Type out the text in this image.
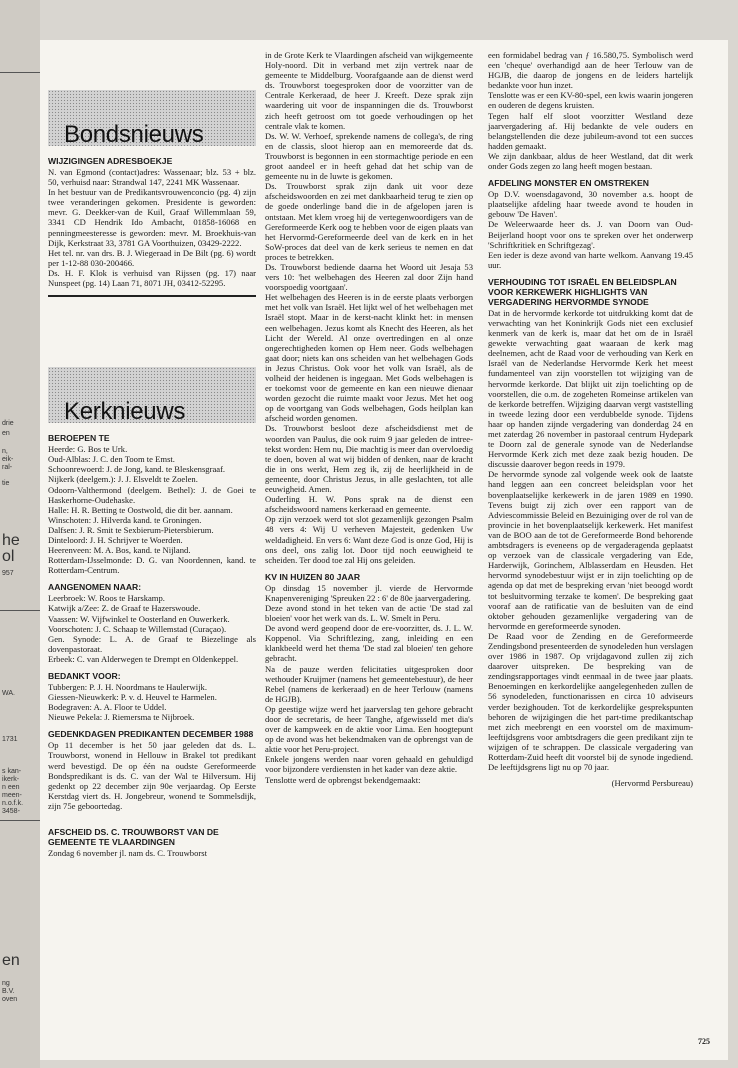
drie
en
n,
eik-
ral-
tie
he
ol
957
WA.
1731
s kan-
ikerk-
n een
meen-
n.o.f.k.
3458-
en
ng
B.V.
oven
Bondsnieuws
WIJZIGINGEN ADRESBOEKJE

N. van Egmond (contact)adres: Wassenaar; blz. 53 + blz. 50, verhuisd naar: Strandwal 147, 2241 MK Wassenaar.

In het bestuur van de Predikantsvrouwenconcio (pg. 4) zijn twee veranderingen gekomen. Presidente is geworden: mevr. G. Deekker-van de Kuil, Graaf Willemmlaan 59, 3341 CD Hendrik Ido Ambacht, 01858-16068 en penningmeesteresse is geworden: mevr. M. Broekhuis-van Dijk, Kerkstraat 33, 3781 GA Voorthuizen, 03429-2222.

Het tel. nr. van drs. B. J. Wiegeraad in De Bilt (pg. 6) wordt per 1-12-88 030-200466.

Ds. H. F. Klok is verhuisd van Rijssen (pg. 17) naar Nunspeet (pg. 14) Laan 71, 8071 JH, 03412-52295.

Kerknieuws
BEROEPEN TE

Heerde: G. Bos te Urk.

Oud-Alblas: J. C. den Toom te Emst.

Schoonrewoerd: J. de Jong, kand. te Bleskensgraaf.

Nijkerk (deelgem.): J. J. Elsveldt te Zoelen.

Odoorn-Valthermond (deelgem. Bethel): J. de Goei te Haskerhorne-Oudehaske.

Halle: H. R. Betting te Oostwold, die dit ber. aannam.

Winschoten: J. Hilverda kand. te Groningen.

Dalfsen: J. R. Smit te Sexbierum-Pietersbierum.

Dinteloord: J. H. Schrijver te Woerden.

Heerenveen: M. A. Bos, kand. te Nijland.

Rotterdam-IJsselmonde: D. G. van Noordennen, kand. te Rotterdam-Centrum.

AANGENOMEN NAAR:

Leerbroek: W. Roos te Harskamp.

Katwijk a/Zee: Z. de Graaf te Hazerswoude.

Vaassen: W. Vijfwinkel te Oosterland en Ouwerkerk.

Voorschoten: J. C. Schaap te Willemstad (Curaçao).

Gen. Synode: L. A. de Graaf te Biezelinge als dovenpastoraat.

Erbeek: C. van Alderwegen te Drempt en Oldenkeppel.

BEDANKT VOOR:

Tubbergen: P. J. H. Noordmans te Haulerwijk.

Giessen-Nieuwkerk: P. v. d. Heuvel te Harmelen.

Bodegraven: A. A. Floor te Uddel.

Nieuwe Pekela: J. Riemersma te Nijbroek.

GEDENKDAGEN PREDIKANTEN DECEMBER 1988

Op 11 december is het 50 jaar geleden dat ds. L. Trouwborst, wonend in Hellouw in Brakel tot predikant werd bevestigd. De op één na oudste Gereformeerde Bondspredikant is ds. C. van der Wal te Hilversum. Hij gedenkt op 22 december zijn 90e verjaardag. Op Eerste Kerstdag viert ds. H. Jongebreur, wonend te Sommelsdijk, zijn 75e geboortedag.

AFSCHEID DS. C. TROUWBORST VAN DE GEMEENTE TE VLAARDINGEN

Zondag 6 november jl. nam ds. C. Trouwborst

in de Grote Kerk te Vlaardingen afscheid van wijkgemeente Holy-noord. Dit in verband met zijn vertrek naar de gemeente te Middelburg. Voorafgaande aan de dienst werd ds. Trouwborst toegesproken door de voorzitter van de Centrale Kerkeraad, de heer J. Kreeft. Deze sprak zijn waardering uit voor de inspanningen die ds. Trouwborst zich heeft getroost om tot goede verhoudingen op het centrale vlak te komen.

Ds. W. W. Verhoef, sprekende namens de collega's, de ring en de classis, sloot hierop aan en memoreerde dat ds. Trouwborst is begonnen in een stormachtige periode en een groot aandeel er in heeft gehad dat het schip van de gemeente nu in de luwte is gekomen.

Ds. Trouwborst sprak zijn dank uit voor deze afscheidswoorden en zei met dankbaarheid terug te zien op de goede onderlinge band die in de afgelopen jaren is ontstaan. Met klem vroeg hij de vertegenwoordigers van de Gereformeerde Kerk oog te hebben voor de eigen plaats van het Hervormd-Gereformeerde deel van de kerk en in het SoW-proces dat deel van de kerk serieus te nemen en dat proces te betrekken.

Ds. Trouwborst bediende daarna het Woord uit Jesaja 53 vers 10: 'het welbehagen des Heeren zal door Zijn hand voorspoedig voortgaan'.

Het welbehagen des Heeren is in de eerste plaats verborgen met het volk van Israël. Het lijkt wel of het welbehagen met Israël stopt. Maar in de kerst-nacht klinkt het: in mensen een welbehagen. Jezus komt als Knecht des Heeren, als het Licht der Wereld. Al onze overtredingen en al onze ongerechtigheden komen op Hem neer. Gods welbehagen gaat door; niets kan ons scheiden van het welbehagen Gods in Jezus Christus. Ook voor het volk van Israël, als de volheid der heidenen is ingegaan. Met Gods welbehagen is er toekomst voor de gemeente en kan een nieuwe dienaar worden gezocht die ruimte maakt voor Jezus. Met het oog op de voortgang van Gods welbehagen, Gods heilplan kan afscheid worden genomen.

Ds. Trouwborst besloot deze afscheidsdienst met de woorden van Paulus, die ook ruim 9 jaar geleden de intree-tekst worden: Hem nu, Die machtig is meer dan overvloedig te doen, boven al wat wij bidden of denken, naar de kracht die in ons werkt, Hem zeg ik, zij de heerlijkheid in de gemeente, door Christus Jezus, in alle geslachten, tot alle eeuwigheid. Amen.

Ouderling H. W. Pons sprak na de dienst een afscheidswoord namens kerkeraad en gemeente.

Op zijn verzoek werd tot slot gezamenlijk gezongen Psalm 48 vers 4: Wij U verheven Majesteit, gedenken Uw weldadigheid. En vers 6: Want deze God is onze God, Hij is ons deel, ons zalig lot. Door tijd noch eeuwigheid te scheiden. Ter dood toe zal Hij ons geleiden.

KV IN HUIZEN 80 JAAR

Op dinsdag 15 november jl. vierde de Hervormde Knapenvereniging 'Spreuken 22 : 6' de 80e jaarvergadering.

Deze avond stond in het teken van de actie 'De stad zal bloeien' voor het werk van ds. L. W. Smelt in Peru.

De avond werd geopend door de ere-voorzitter, ds. J. L. W. Koppenol. Via Schriftlezing, zang, inleiding en een klankbeeld werd het thema 'De stad zal bloeien' ten gehore gebracht.

Na de pauze werden felicitaties uitgesproken door wethouder Kruijmer (namens het gemeentebestuur), de heer Rebel (namens de kerkeraad) en de heer Terlouw (namens de HGJB).

Op geestige wijze werd het jaarverslag ten gehore gebracht door de secretaris, de heer Tanghe, afgewisseld met dia's over de kampweek en de aktie voor Lima. Een hoogtepunt op de avond was het bekendmaken van de opbrengst van de aktie voor het Peru-project.

Enkele jongens werden naar voren gehaald en gehuldigd voor bijzondere verdiensten in het kader van deze aktie.

Tenslotte werd de opbrengst bekendgemaakt:

een formidabel bedrag van ƒ 16.580,75. Symbolisch werd een 'cheque' overhandigd aan de heer Terlouw van de HGJB, die daarop de jongens en de leiders hartelijk bedankte voor hun inzet.

Tenslotte was er een KV-80-spel, een kwis waarin jongeren en ouderen de degens kruisten.

Tegen half elf sloot voorzitter Westland deze jaarvergadering af. Hij bedankte de vele ouders en belangstellenden die deze jubileum-avond tot een succes hadden gemaakt.

We zijn dankbaar, aldus de heer Westland, dat dit werk onder Gods zegen zo lang heeft mogen bestaan.

AFDELING MONSTER EN OMSTREKEN

Op D.V. woensdagavond, 30 november a.s. hoopt de plaatselijke afdeling haar tweede avond te houden in gebouw 'De Haven'.

De Weleerwaarde heer ds. J. van Doorn van Oud-Beijerland hoopt voor ons te spreken over het onderwerp 'Schriftkritiek en Schriftgezag'.

Een ieder is deze avond van harte welkom. Aanvang 19.45 uur.

VERHOUDING TOT ISRAËL EN BELEIDSPLAN VOOR KERKEWERK HIGHLIGHTS VAN VERGADERING HERVORMDE SYNODE

Dat in de hervormde kerkorde tot uitdrukking komt dat de verwachting van het Koninkrijk Gods niet een exclusief kenmerk van de kerk is, maar dat het om de in Israël gewekte verwachting gaat waaraan de kerk mag deelnemen, acht de Raad voor de verhouding van Kerk en Israël van de Nederlandse Hervormde Kerk het meest fundamenteel van zijn voorstellen tot wijziging van de hervormde kerkorde. Dat blijkt uit zijn toelichting op de voorstellen, die o.m. de zogeheten Romeinse artikelen van de kerkorde betreffen. Wijziging daarvan vergt vaststelling in tweede lezing door een verdubbelde synode. Tijdens haar op handen zijnde vergadering van donderdag 24 en met zaterdag 26 november in pastoraal centrum Hydepark te Doorn zal de generale synode van de Nederlandse Hervormde Kerk zich met deze zaak bezig houden. De discussie daarover begon reeds in 1979.

De hervormde synode zal volgende week ook de laatste hand leggen aan een concreet beleidsplan voor het bovenplaatselijke kerkewerk in de jaren 1989 en 1990. Tevens buigt zij zich over een rapport van de Adviescommissie Beleid en Bezuiniging over de rol van de provincie in het bovenplaatselijk kerkewerk. Het manifest van de BOO aan de tot de Gereformeerde Bond behorende ambtsdragers is eveneens op de vergaderagenda geplaatst op verzoek van de classicale vergadering van Ede, Harderwijk, Gorinchem, Alblasserdam en Heusden. Het hervormd synodebestuur wijst er in zijn toelichting op de agenda op dat met de bespreking ervan 'niet beoogd wordt tot besluitvorming terzake te komen'. De bespreking gaat vooraf aan de ratificatie van de besluiten van de eind oktober gehouden gezamenlijke vergadering van de hervormde en gereformeerde synoden.

De Raad voor de Zending en de Gereformeerde Zendingsbond presenteerden de synodeleden hun verslagen over 1986 in 1987. Op vrijdagavond zullen zij zich daarover uitspreken. De bespreking van de zendingsrapportages vindt eenmaal in de twee jaar plaats. Benoemingen en kerkordelijke aangelegenheden zullen de 56 synodeleden, functionarissen en circa 10 adviseurs verder bezighouden. Tot de kerkordelijke gesprekspunten behoren de wijzigingen die het part-time predikantschap met zich meebrengt en een voorstel om de maximum-leeftijdsgrens voor ambtsdragers die geen predikant zijn te wijzigen of te schrappen. De classicale vergadering van Rotterdam-Zuid heeft dit voorstel bij de synode ingediend. De leeftijdsgrens ligt nu op 70 jaar.

(Hervormd Persbureau)

725
